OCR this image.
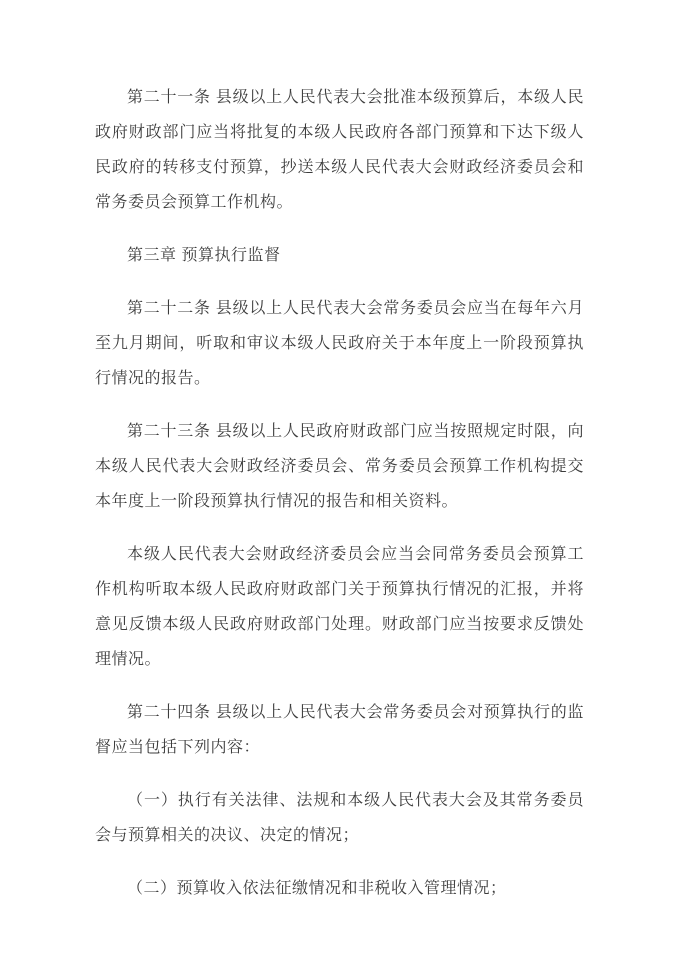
第二十一条 县级以上人民代表大会批准本级预算后，本级人民政府财政部门应当将批复的本级人民政府各部门预算和下达下级人民政府的转移支付预算，抄送本级人民代表大会财政经济委员会和常务委员会预算工作机构。

第三章 预算执行监督

第二十二条 县级以上人民代表大会常务委员会应当在每年六月至九月期间，听取和审议本级人民政府关于本年度上一阶段预算执行情况的报告。

第二十三条 县级以上人民政府财政部门应当按照规定时限，向本级人民代表大会财政经济委员会、常务委员会预算工作机构提交本年度上一阶段预算执行情况的报告和相关资料。

本级人民代表大会财政经济委员会应当会同常务委员会预算工作机构听取本级人民政府财政部门关于预算执行情况的汇报，并将意见反馈本级人民政府财政部门处理。财政部门应当按要求反馈处理情况。

第二十四条 县级以上人民代表大会常务委员会对预算执行的监督应当包括下列内容：

（一）执行有关法律、法规和本级人民代表大会及其常务委员会与预算相关的决议、决定的情况；

（二）预算收入依法征缴情况和非税收入管理情况；
